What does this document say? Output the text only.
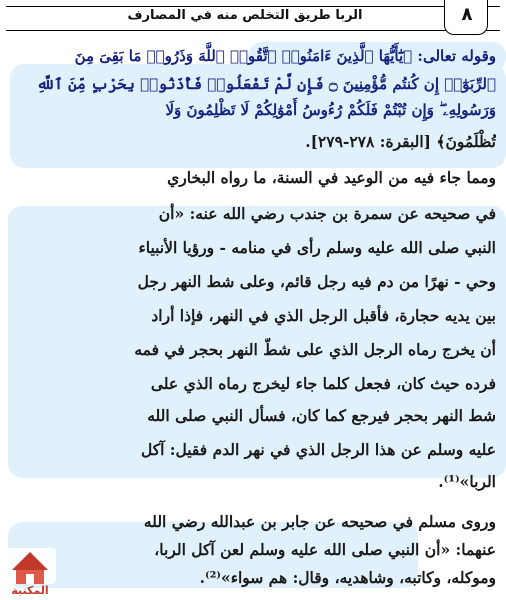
الربا طريق التخلص منه في المصارف	٨
وقوله تعالى: ﴿يَٰٓأَيُّهَا ٱلَّذِينَ ءَامَنُوا۟ ٱتَّقُوا۟ ٱللَّهَ وَذَرُوا۟ مَا بَقِىَ مِنَ
ٱلرِّبَوٰٓا۟ إِن كُنتُم مُّؤْمِنِينَ ۝ فَإِن لَّمْ تَفْعَلُوا۟ فَأْذَنُوا۟ بِحَرْبٍ مِّنَ ٱللَّهِ
وَرَسُولِهِۦ ۖ وَإِن تُبْتُمْ فَلَكُمْ رُءُوسُ أَمْوَٰلِكُمْ لَا تَظْلِمُونَ وَلَا
تُظْلَمُونَ﴾ [البقرة: ٢٧٨-٢٧٩].
ومما جاء فيه من الوعيد في السنة، ما رواه البخاري
في صحيحه عن سمرة بن جندب رضي الله عنه: «أن
النبي صلى الله عليه وسلم رأى في منامه - ورؤيا الأنبياء
وحي - نهرًا من دم فيه رجل قائم، وعلى شط النهر رجل
بين يديه حجارة، فأقبل الرجل الذي في النهر، فإذا أراد
أن يخرج رماه الرجل الذي على شطّ النهر بحجر في فمه
فرده حيث كان، فجعل كلما جاء ليخرج رماه الذي على
شط النهر بحجر فيرجع كما كان، فسأل النبي صلى الله
عليه وسلم عن هذا الرجل الذي في نهر الدم فقيل: آكل
الربا»⁽¹⁾.
وروى مسلم في صحيحه عن جابر بن عبدالله رضي الله
عنهما: «أن النبي صلى الله عليه وسلم لعن آكل الربا،
وموكله، وكاتبه، وشاهديه، وقال: هم سواء»⁽²⁾.
المكتبة
